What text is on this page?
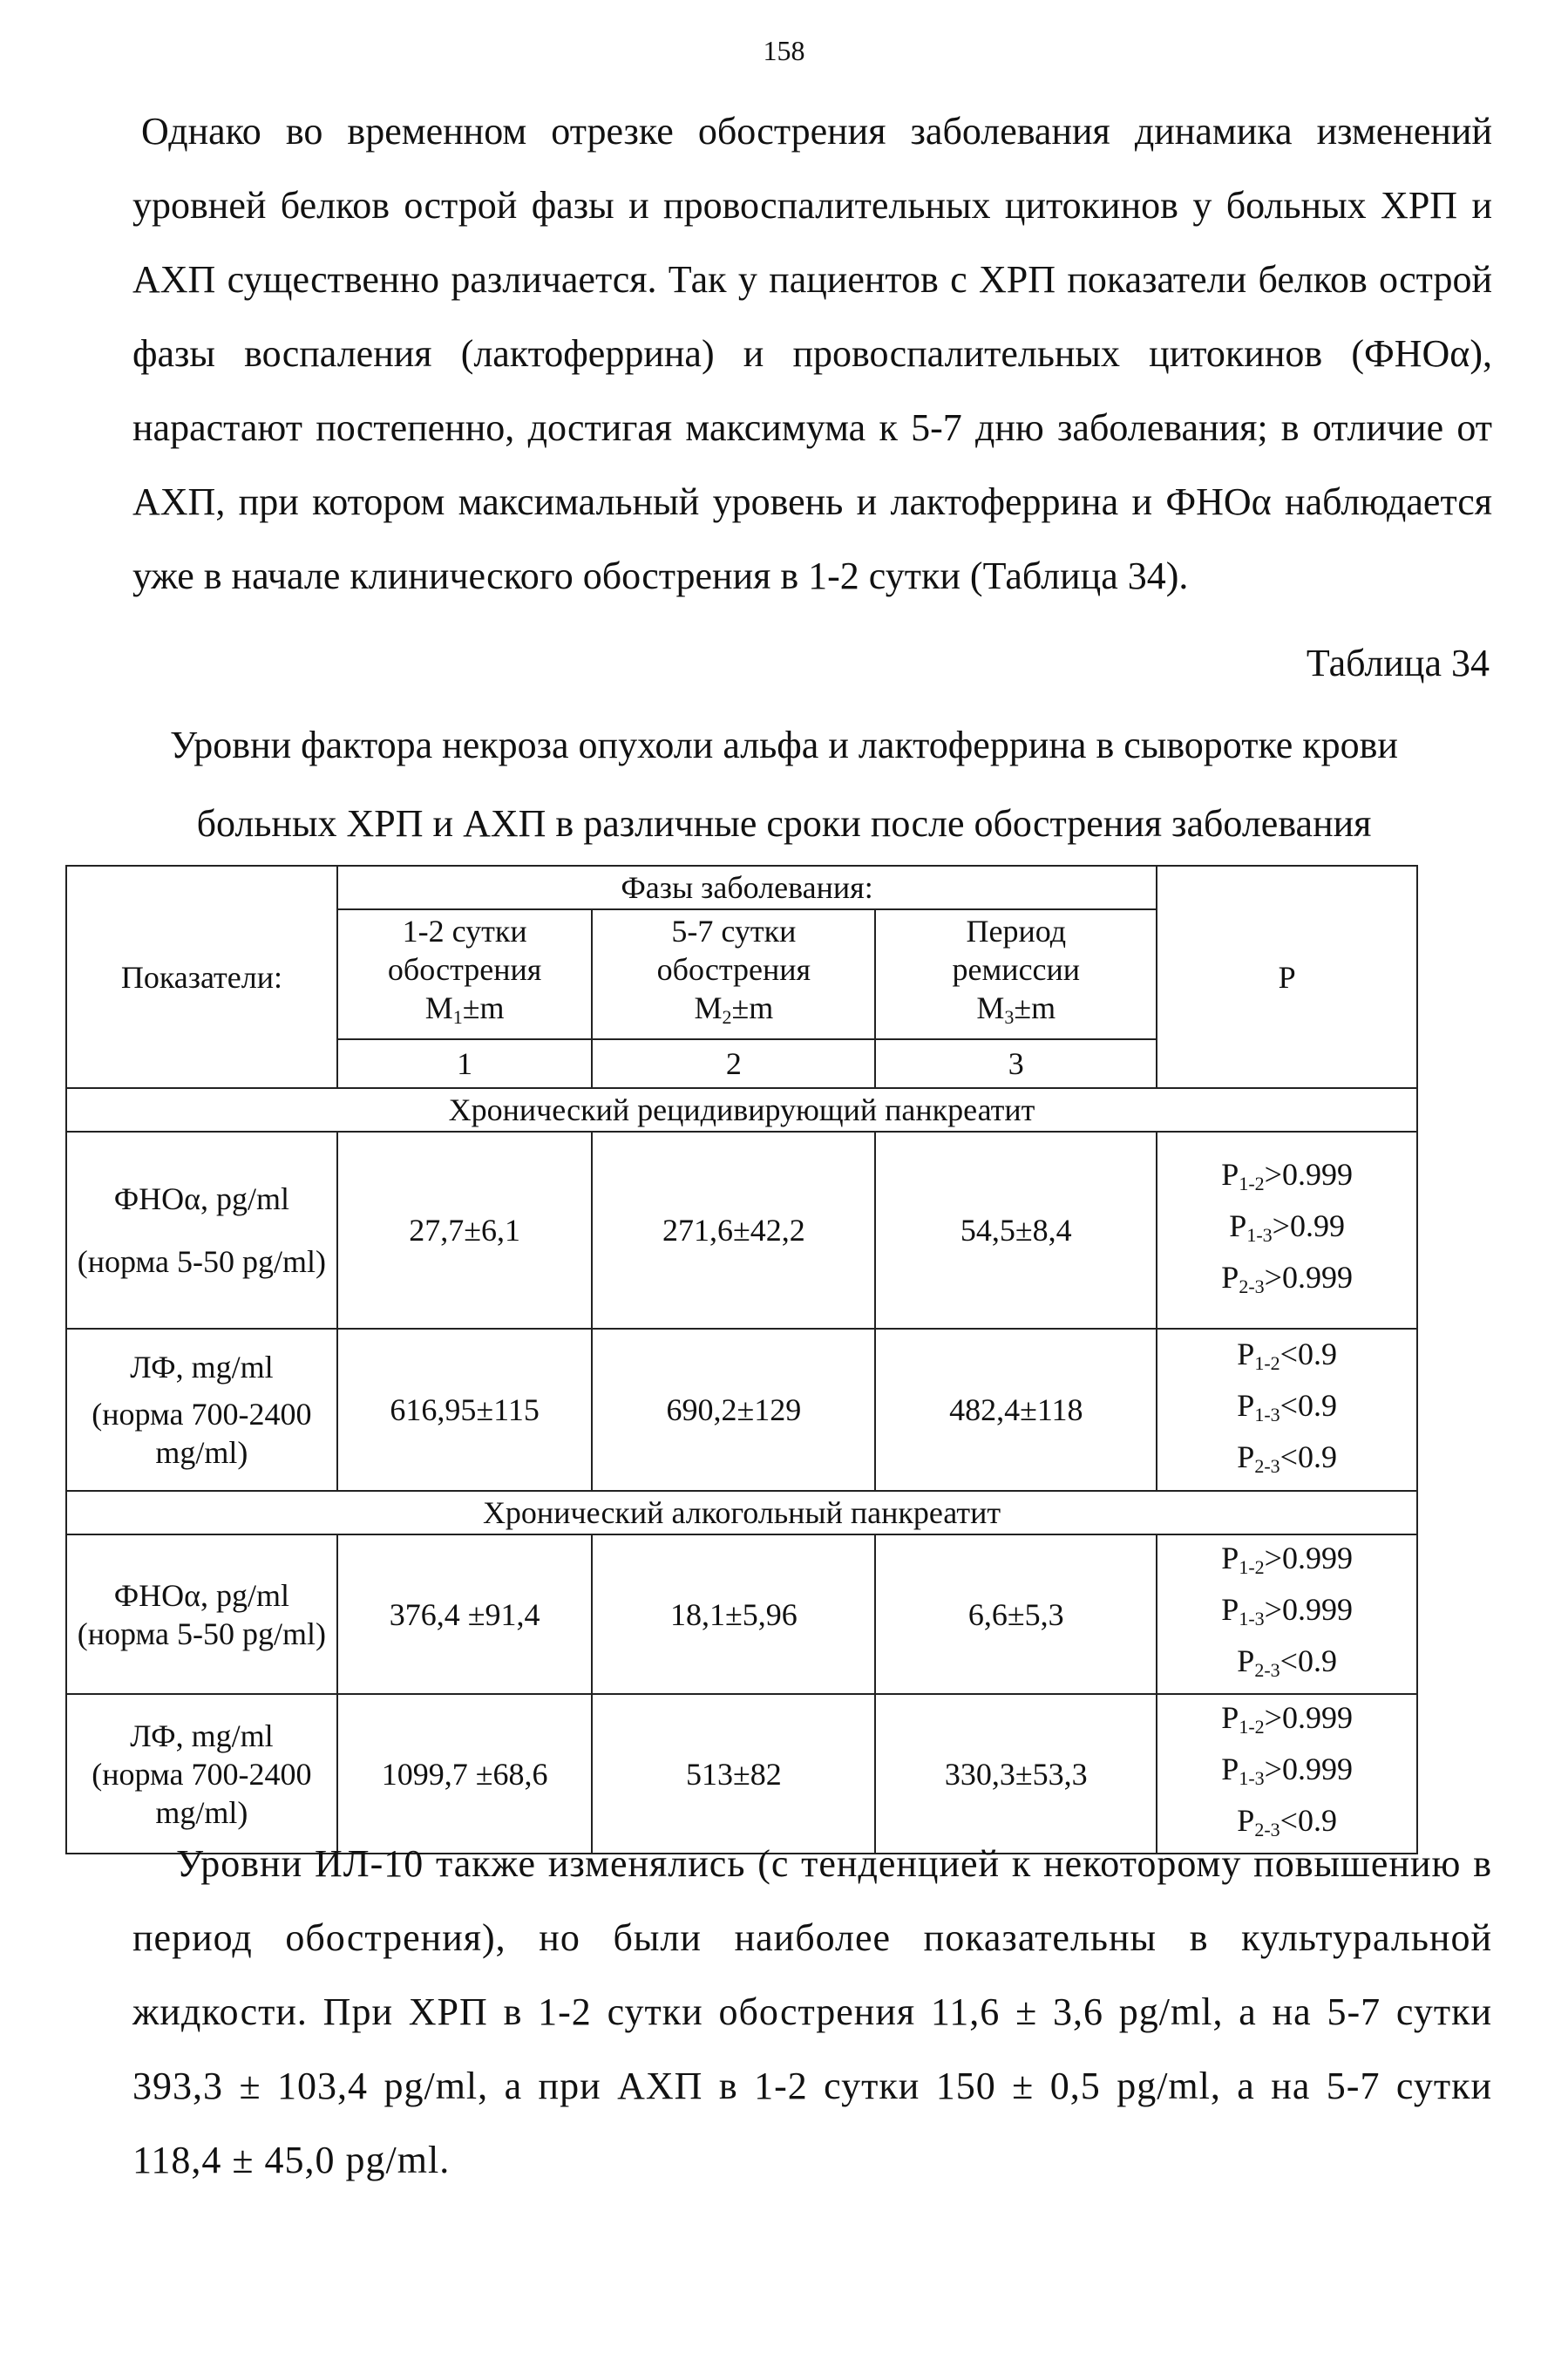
158

Однако во временном отрезке обострения заболевания динамика изменений уровней белков острой фазы и провоспалительных цитокинов у больных ХРП и АХП существенно различается. Так у пациентов с ХРП показатели белков острой фазы воспаления (лактоферрина) и провоспалительных цитокинов (ФНОα), нарастают постепенно, достигая максимума к 5-7 дню заболевания; в отличие от АХП, при котором максимальный уровень и лактоферрина и ФНОα наблюдается уже в начале клинического обострения в 1-2 сутки (Таблица 34).

Таблица 34
Уровни фактора некроза опухоли альфа и лактоферрина в сыворотке крови
больных ХРП и АХП в различные сроки после обострения заболевания
Показатели:	Фазы заболевания:			P
	1-2 сутки
обострения
$M_1\pm m$	5-7 сутки
обострения
$M_2\pm m$	Период
ремиссии
$M_3\pm m$	
	1	2	3	
Хронический рецидивирующий панкреатит				
ФНОα, pg/ml
(норма 5-50 pg/ml)	27,7±6,1	271,6±42,2	54,5±8,4	$P_{1-2}>0.999$
$P_{1-3}>0.99$
$P_{2-3}>0.999$
ЛФ, mg/ml
(норма 700-2400 mg/ml)	616,95±115	690,2±129	482,4±118	$P_{1-2}<0.9$
$P_{1-3}<0.9$
$P_{2-3}<0.9$
Хронический алкогольный панкреатит				
ФНОα, pg/ml
(норма 5-50 pg/ml)	376,4 ±91,4	18,1±5,96	6,6±5,3	$P_{1-2}>0.999$
$P_{1-3}>0.999$
$P_{2-3}<0.9$
ЛФ, mg/ml
(норма 700-2400 mg/ml)	1099,7 ±68,6	513±82	330,3±53,3	$P_{1-2}>0.999$
$P_{1-3}>0.999$
$P_{2-3}<0.9$

Уровни ИЛ-10 также изменялись (с тенденцией к некоторому повышению в период обострения), но были наиболее показательны в культуральной жидкости. При ХРП в 1-2 сутки обострения 11,6 ± 3,6 pg/ml, а на 5-7 сутки 393,3 ± 103,4 pg/ml, а при АХП в 1-2 сутки 150 ± 0,5 pg/ml, а на 5-7 сутки 118,4 ± 45,0 pg/ml.
